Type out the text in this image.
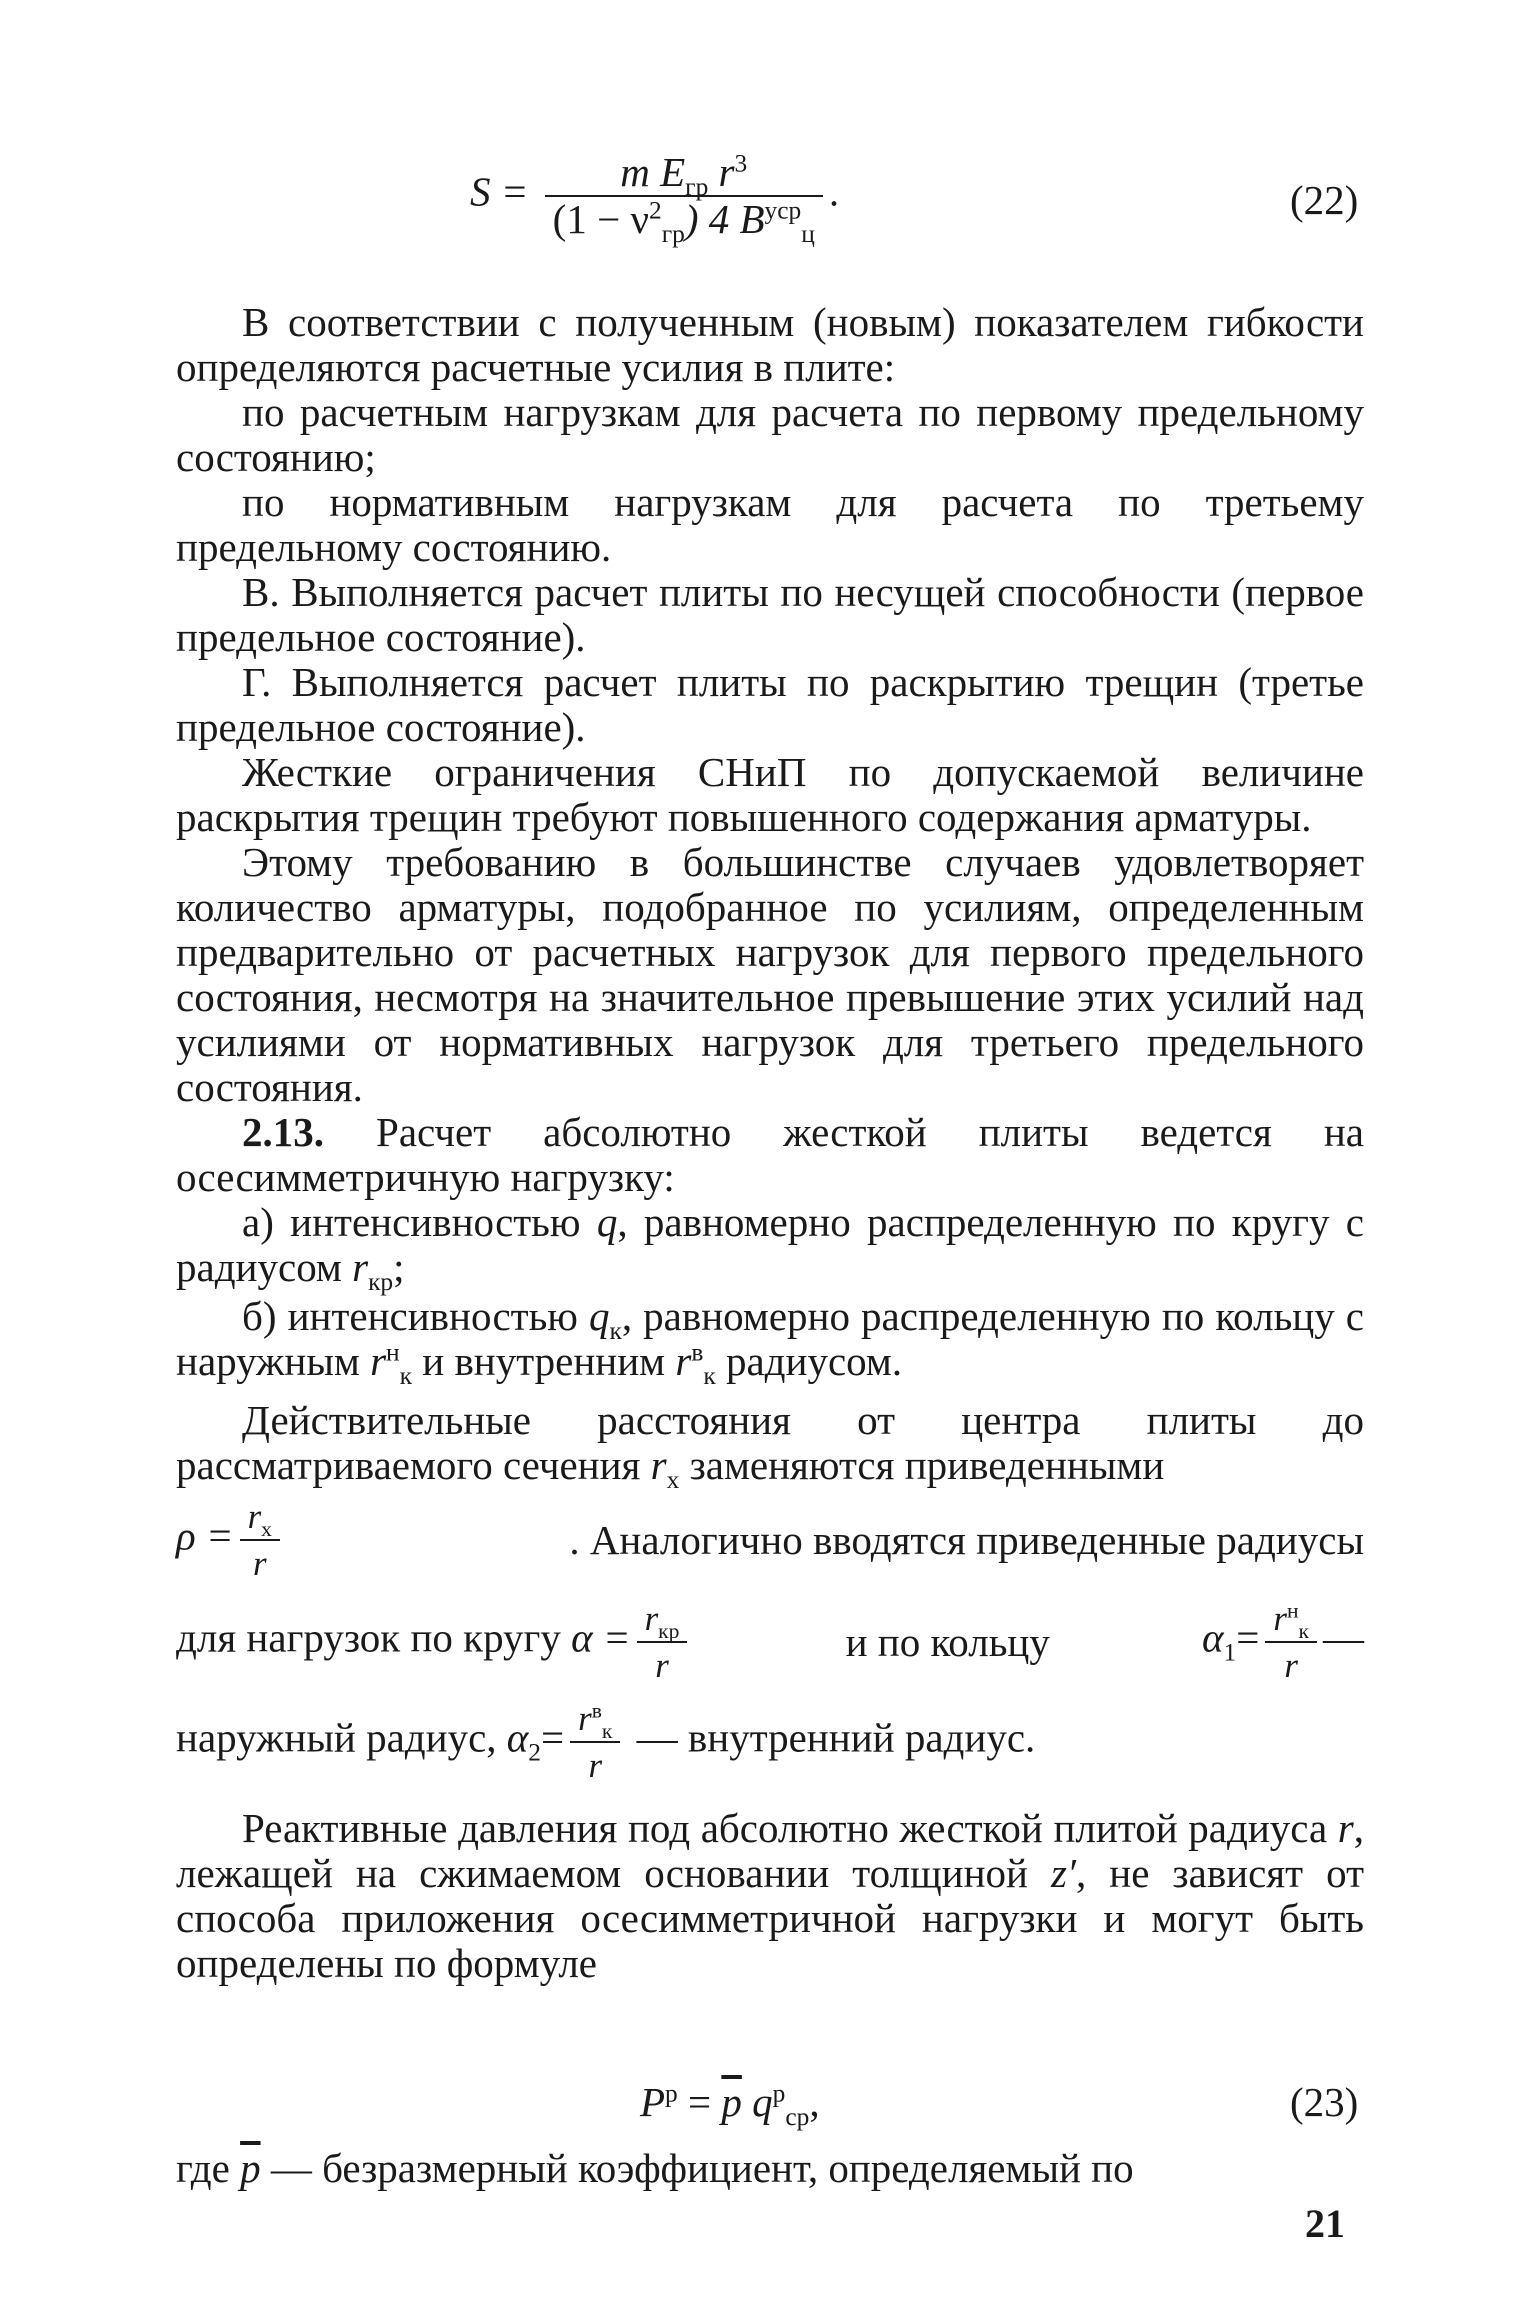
$S = \frac{m E_{гр} r^3}{(1 - \nu^2_{гр}) 4 B^{уср}_ц}$ .	(22)

В соответствии с полученным (новым) показателем гибкости определяются расчетные усилия в плите:

по расчетным нагрузкам для расчета по первому предельному состоянию;

по нормативным нагрузкам для расчета по третьему предельному состоянию.

В. Выполняется расчет плиты по несущей способности (первое предельное состояние).

Г. Выполняется расчет плиты по раскрытию трещин (третье предельное состояние).

Жесткие ограничения СНиП по допускаемой величине раскрытия трещин требуют повышенного содержания арматуры.

Этому требованию в большинстве случаев удовлетворяет количество арматуры, подобранное по усилиям, определенным предварительно от расчетных нагрузок для первого предельного состояния, несмотря на значительное превышение этих усилий над усилиями от нормативных нагрузок для третьего предельного состояния.

2.13. Расчет абсолютно жесткой плиты ведется на осесимметричную нагрузку:

а) интенсивностью q, равномерно распределенную по кругу с радиусом $r_{кр}$;

б) интенсивностью $q_к$, равномерно распределенную по кольцу с наружным $r^н_к$ и внутренним $r^в_к$ радиусом.

Действительные расстояния от центра плиты до рассматриваемого сечения $r_x$ заменяются приведенными

$\rho = \frac{r_x}{r}$	. Аналогично вводятся приведенные радиусы
для нагрузок по кругу $\alpha = \frac{r_{кр}}{r}$	и по кольцу	$\alpha_1= \frac{r^н_к}{r}$ —

наружный радиус, $\alpha_2= \frac{r^в_к}{r}$ — внутренний радиус.

Реактивные давления под абсолютно жесткой плитой радиуса r, лежащей на сжимаемом основании толщиной z′, не зависят от способа приложения осесимметричной нагрузки и могут быть определены по формуле

$P^р = \overline{p}$ $q^р_{ср}$,	(23)

где $\overline{p}$ — безразмерный коэффициент, определяемый по

21
